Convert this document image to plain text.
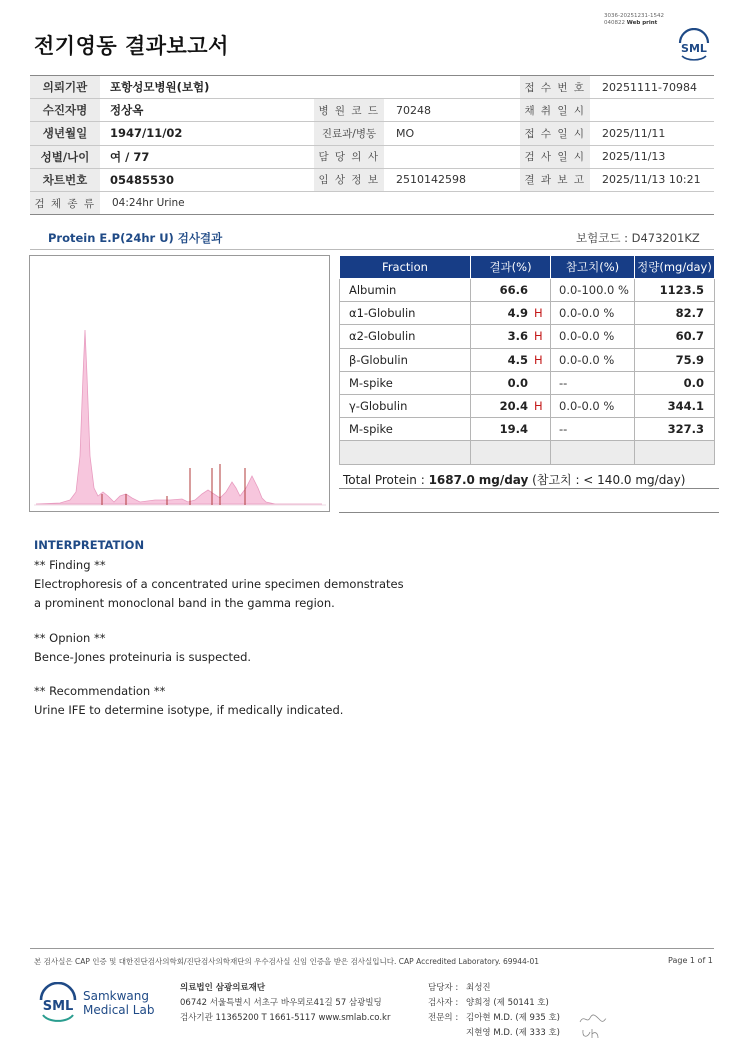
전기영동 결과보고서
3036-20251231-1542
040822 Web print
SML
의뢰기관	포항성모병원(보험)			접 수 번 호	20251111-70984
수진자명	정상옥	병 원 코 드	70248	채 취 일 시	
생년월일	1947/11/02	진료과/병동	MO	접 수 일 시	2025/11/11
성별/나이	여 / 77	담 당 의 사		검 사 일 시	2025/11/13
차트번호	05485530	임 상 정 보	2510142598	결 과 보 고	2025/11/13 10:21
검 체 종 류	04:24hr Urine				
Protein E.P(24hr U) 검사결과	보험코드 : D473201KZ
Fraction	결과(%)	참고치(%)	정량(mg/day)
Albumin	66.6	0.0-100.0 %	1123.5
α1-Globulin	4.9 H	0.0-0.0 %	82.7
α2-Globulin	3.6 H	0.0-0.0 %	60.7
β-Globulin	4.5 H	0.0-0.0 %	75.9
M-spike	0.0	--	0.0
γ-Globulin	20.4 H	0.0-0.0 %	344.1
M-spike	19.4	--	327.3

Total Protein : 1687.0 mg/day (참고치 : < 140.0 mg/day)
INTERPRETATION
** Finding **
Electrophoresis of a concentrated urine specimen demonstrates
a prominent monoclonal band in the gamma region.
** Opnion **
Bence-Jones proteinuria is suspected.
** Recommendation **
Urine IFE to determine isotype, if medically indicated.
본 검사실은 CAP 인증 및 대한진단검사의학회/진단검사의학재단의 우수검사실 신임 인증을 받은 검사실입니다. CAP Accredited Laboratory. 69944-01	Page 1 of 1
SML
Samkwang
Medical Lab
의료법인 삼광의료재단
06742 서울특별시 서초구 바우뫼로41길 57 삼광빌딩
검사기관 11365200 T 1661-5117 www.smlab.co.kr
담당자 : 최성진
검사자 : 양희정 (제 50141 호)
전문의 : 김아현 M.D. (제 935 호)
지현영 M.D. (제 333 호)
